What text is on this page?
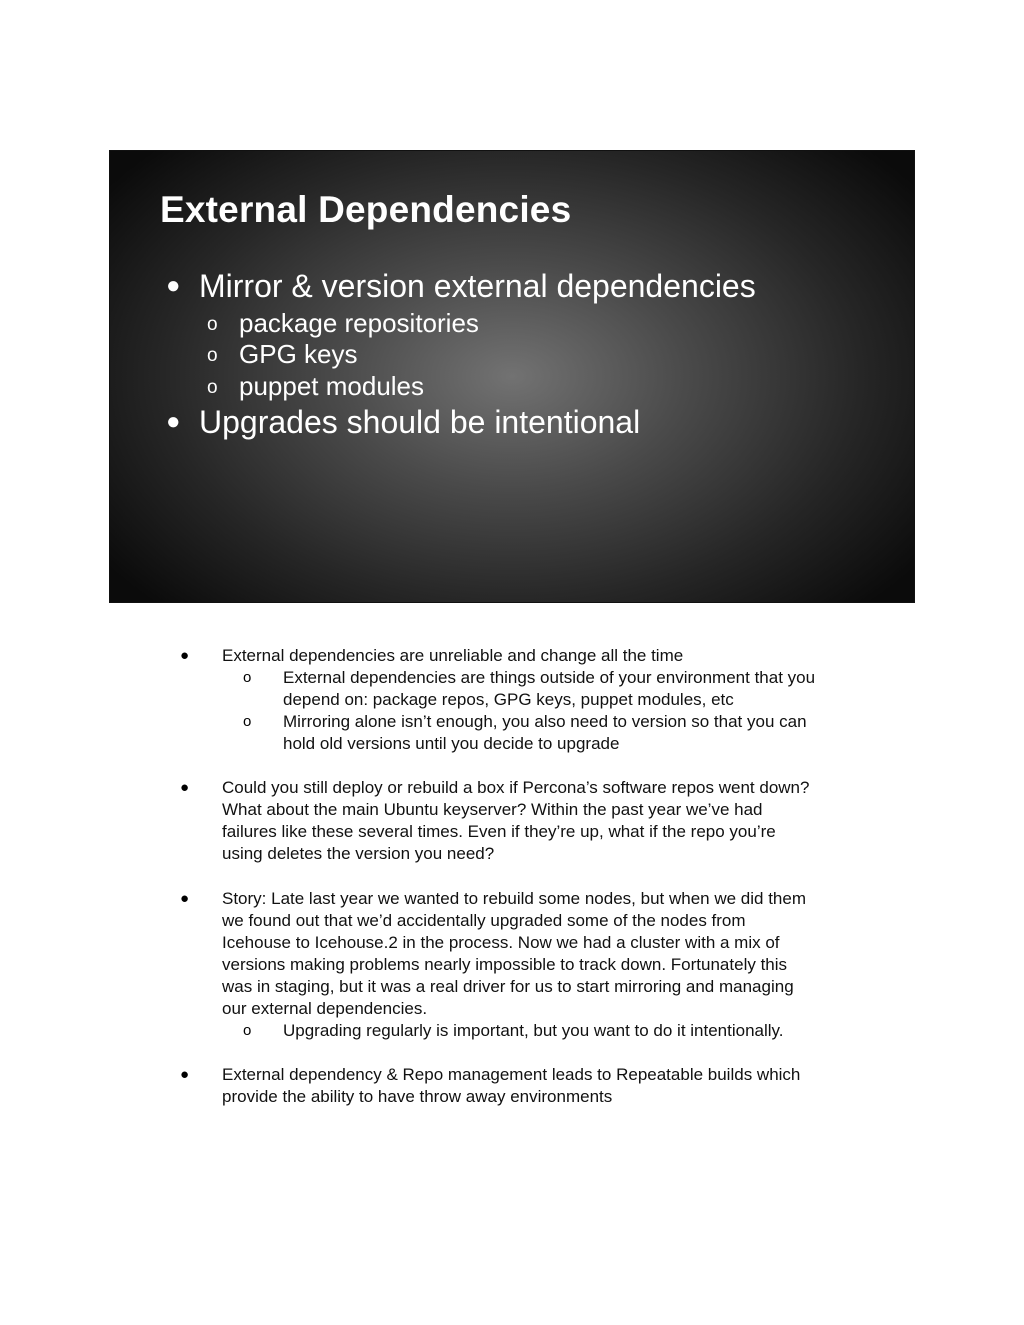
External Dependencies
● Mirror & version external dependencies
o package repositories
o GPG keys
o puppet modules
● Upgrades should be intentional
● External dependencies are unreliable and change all the time
o External dependencies are things outside of your environment that you
depend on: package repos, GPG keys, puppet modules, etc
o Mirroring alone isn’t enough, you also need to version so that you can
hold old versions until you decide to upgrade
● Could you still deploy or rebuild a box if Percona’s software repos went down?
What about the main Ubuntu keyserver? Within the past year we’ve had
failures like these several times. Even if they’re up, what if the repo you’re
using deletes the version you need?
● Story: Late last year we wanted to rebuild some nodes, but when we did them
we found out that we’d accidentally upgraded some of the nodes from
Icehouse to Icehouse.2 in the process. Now we had a cluster with a mix of
versions making problems nearly impossible to track down. Fortunately this
was in staging, but it was a real driver for us to start mirroring and managing
our external dependencies.
o Upgrading regularly is important, but you want to do it intentionally.
● External dependency & Repo management leads to Repeatable builds which
provide the ability to have throw away environments
